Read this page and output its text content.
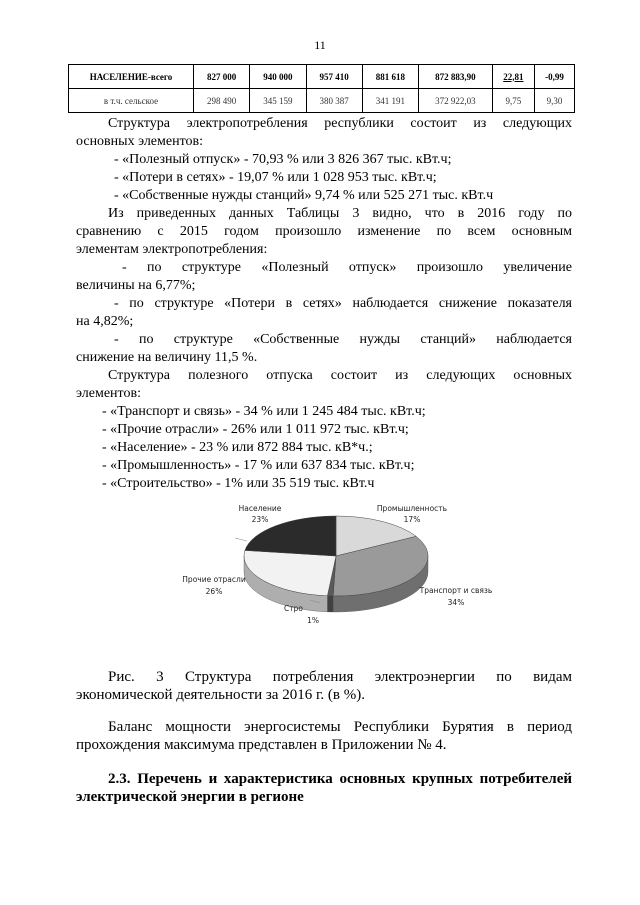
11
НАСЕЛЕНИЕ-всего	827 000	940 000	957 410	881 618	872 883,90	22,81	-0,99
в т.ч. сельское	298 490	345 159	380 387	341 191	372 922,03	9,75	9,30
Структура электропотребления республики состоит из следующих
основных элементов:
- «Полезный отпуск» - 70,93 % или 3 826 367 тыс. кВт.ч;
- «Потери в сетях» - 19,07 % или 1 028 953 тыс. кВт.ч;
- «Собственные нужды станций» 9,74 % или 525 271 тыс. кВт.ч
Из приведенных данных Таблицы 3 видно, что в 2016 году по
сравнению с 2015 годом произошло изменение по всем основным
элементам электропотребления:
- по структуре «Полезный отпуск» произошло увеличение
величины на 6,77%;
- по структуре «Потери в сетях» наблюдается снижение показателя
на 4,82%;
- по структуре «Собственные нужды станций» наблюдается
снижение на величину 11,5 %.
Структура полезного отпуска состоит из следующих основных
элементов:
- «Транспорт и связь» - 34 % или 1 245 484 тыс. кВт.ч;
- «Прочие отрасли» - 26% или 1 011 972 тыс. кВт.ч;
- «Население» - 23 % или 872 884 тыс. кВ*ч.;
- «Промышленность» - 17 % или 637 834 тыс. кВт.ч;
- «Строительство» - 1% или 35 519 тыс. кВт.ч
Население
23%
Промышленность
17%
Прочие отрасли
26%	Транспорт и связь
34%
Стро
1%
Рис. 3 Структура потребления электроэнергии по видам
экономической деятельности за 2016 г. (в %).
Баланс мощности энергосистемы Республики Бурятия в период
прохождения максимума представлен в Приложении № 4.
2.3. Перечень и характеристика основных крупных потребителей
электрической энергии в регионе
